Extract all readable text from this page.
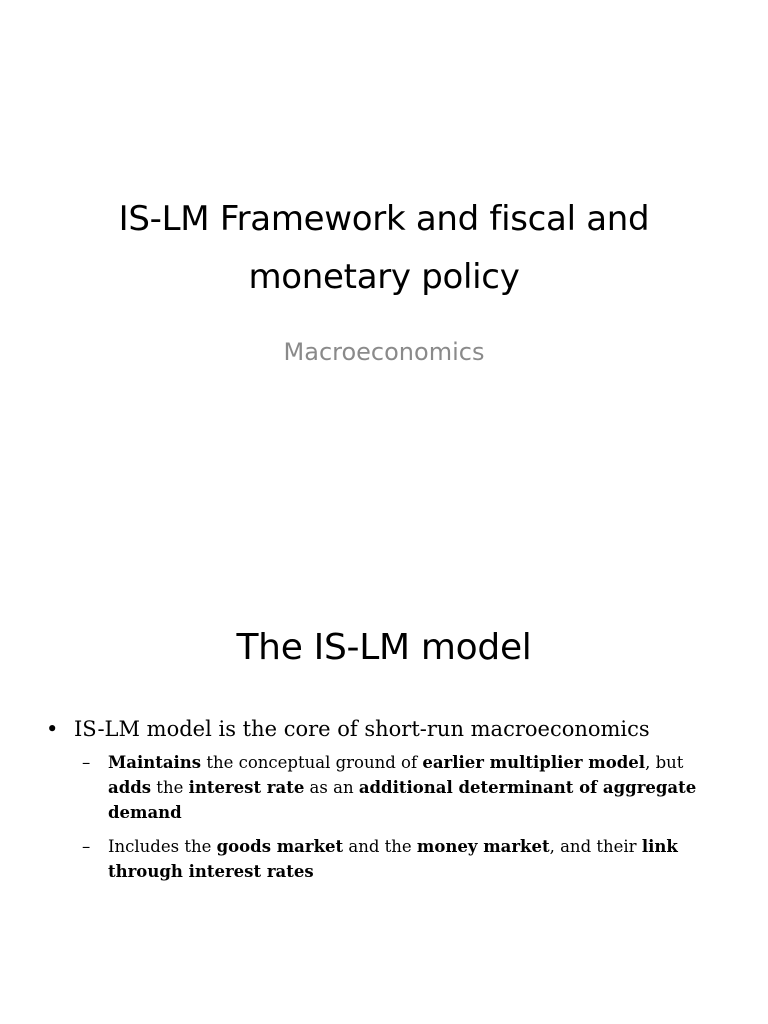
IS-LM Framework and fiscal and
monetary policy
Macroeconomics
The IS-LM model
• IS-LM model is the core of short-run macroeconomics
– Maintains the conceptual ground of earlier multiplier model, but adds the interest rate as an additional determinant of aggregate demand
– Includes the goods market and the money market, and their link through interest rates
